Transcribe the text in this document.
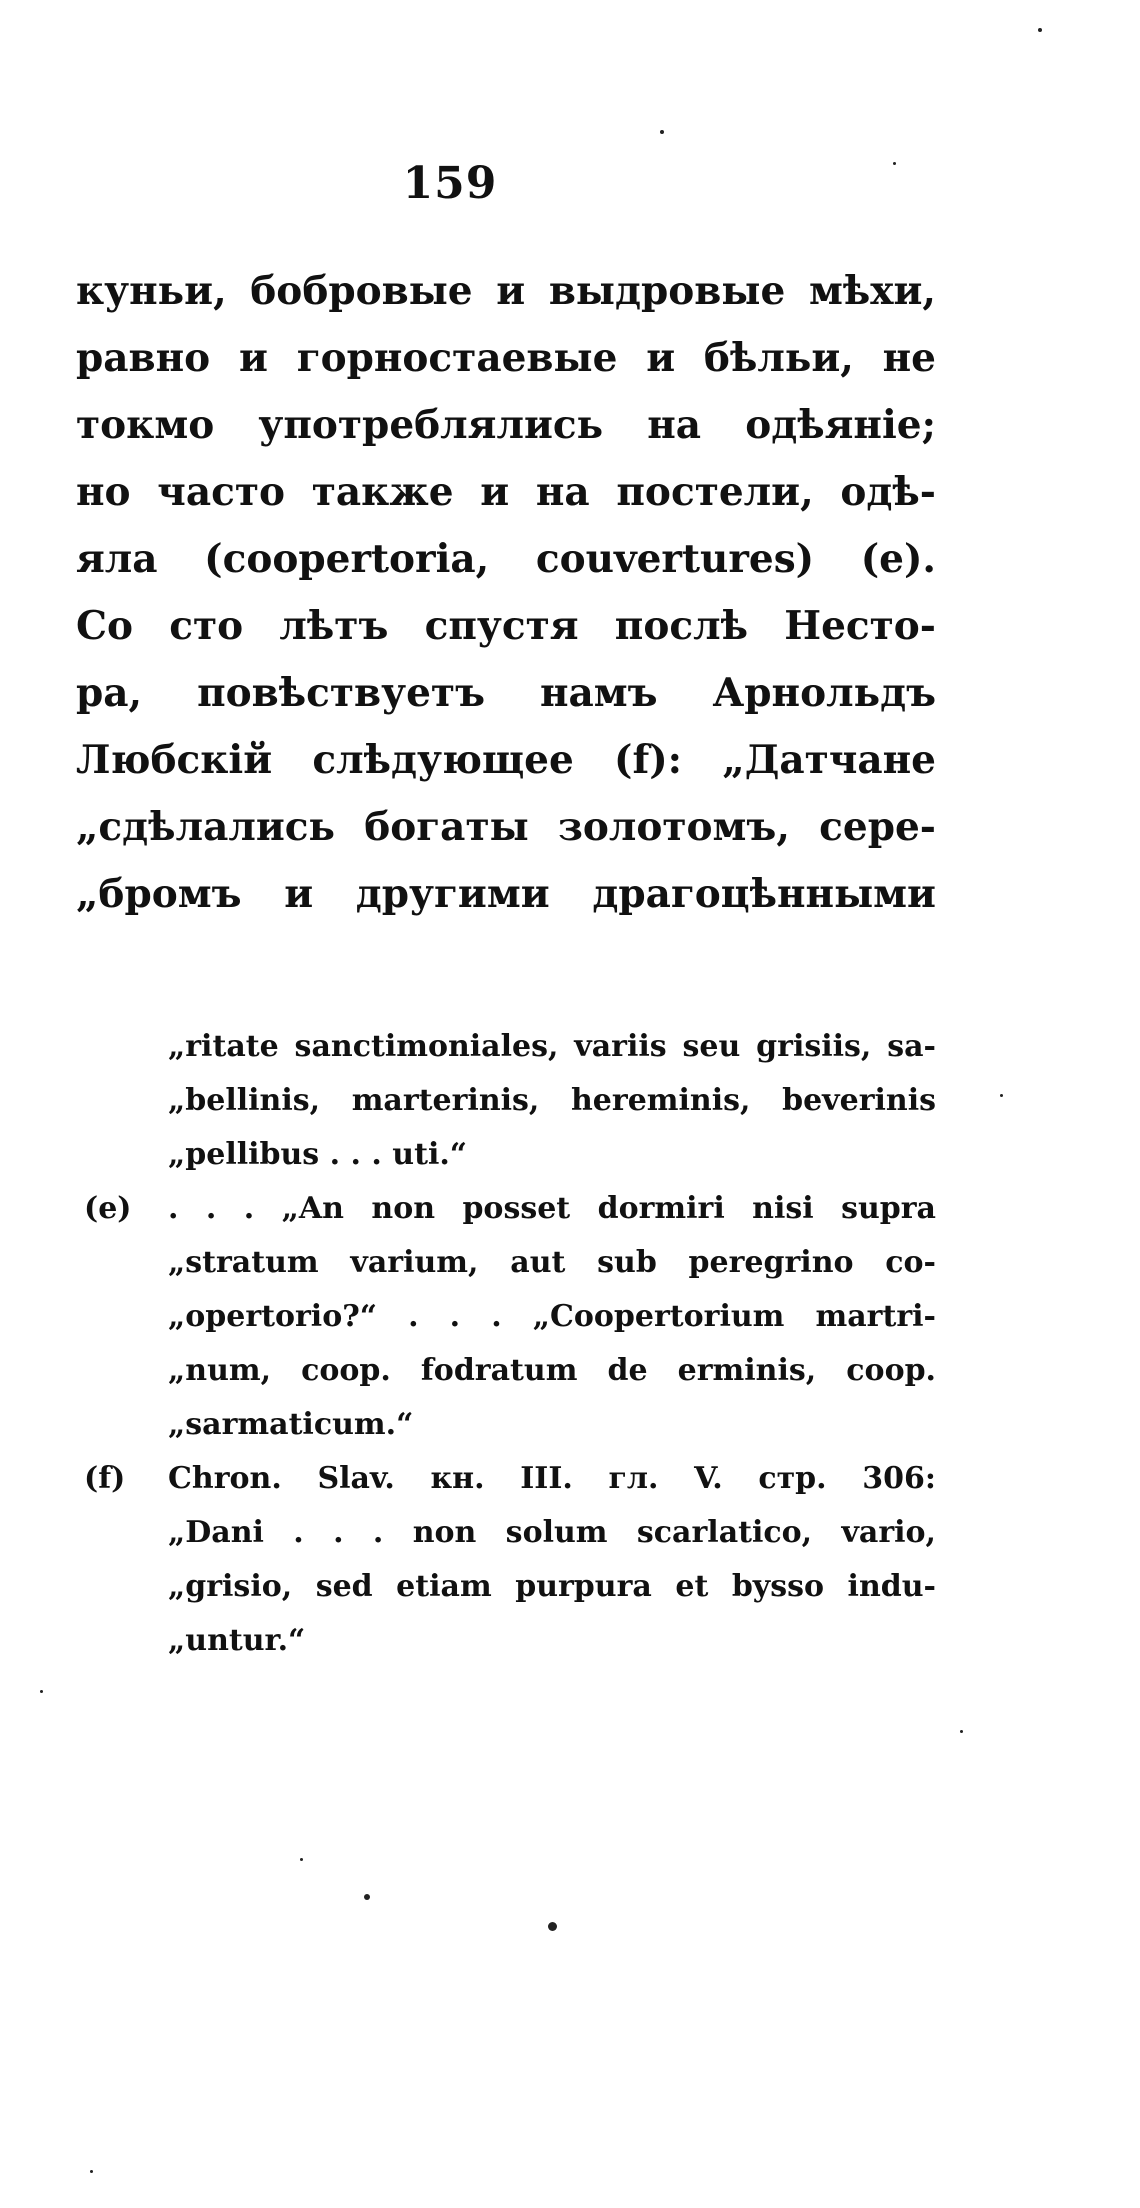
159
куньи, бобровые и выдровые мѣхи,
равно и горностаевые и бѣльи, не
токмо употреблялись на одѣяніе;
но часто также и на постели, одѣ-
яла (coopertoria, couvertures) (e).
Со сто лѣтъ спустя послѣ Несто-
ра, повѣствуетъ намъ Арнольдъ
Любскій слѣдующее (f): „Датчане
„сдѣлались богаты золотомъ, сере-
„бромъ и другими драгоцѣнными
„ritate sanctimoniales, variis seu grisiis, sa-
„bellinis, marterinis, hereminis, beverinis
„pellibus . . . uti.“
(e) . . . „An non posset dormiri nisi supra
„stratum varium, aut sub peregrino co-
„opertorio?“ . . . „Coopertorium martri-
„num, coop. fodratum de erminis, coop.
„sarmaticum.“
(f) Chron. Slav. кн. III. гл. V. стр. 306:
„Dani . . . non solum scarlatico, vario,
„grisio, sed etiam purpura et bysso indu-
„untur.“
